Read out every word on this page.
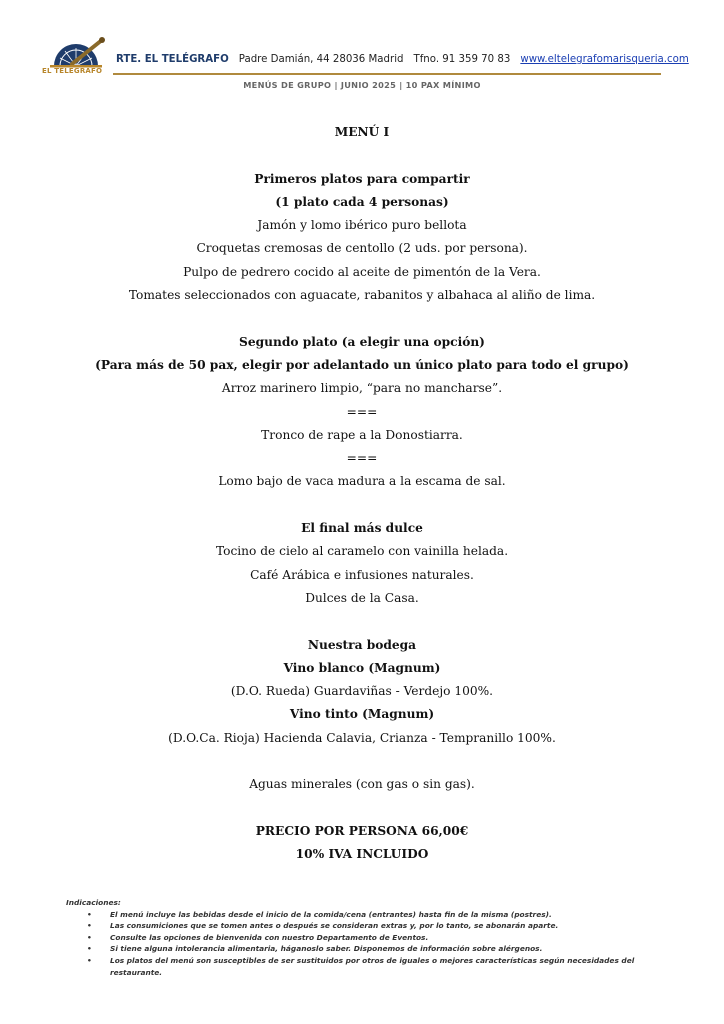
EL TELÉGRAFO
RTE. EL TELÉGRAFO Padre Damián, 44 28036 Madrid Tfno. 91 359 70 83 www.eltelegrafomarisqueria.com
MENÚS DE GRUPO | JUNIO 2025 | 10 PAX MÍNIMO
MENÚ I
Primeros platos para compartir
(1 plato cada 4 personas)
Jamón y lomo ibérico puro bellota
Croquetas cremosas de centollo (2 uds. por persona).
Pulpo de pedrero cocido al aceite de pimentón de la Vera.
Tomates seleccionados con aguacate, rabanitos y albahaca al aliño de lima.
Segundo plato (a elegir una opción)
(Para más de 50 pax, elegir por adelantado un único plato para todo el grupo)
Arroz marinero limpio, “para no mancharse”.
===
Tronco de rape a la Donostiarra.
===
Lomo bajo de vaca madura a la escama de sal.
El final más dulce
Tocino de cielo al caramelo con vainilla helada.
Café Arábica e infusiones naturales.
Dulces de la Casa.
Nuestra bodega
Vino blanco (Magnum)
(D.O. Rueda) Guardaviñas - Verdejo 100%.
Vino tinto (Magnum)
(D.O.Ca. Rioja) Hacienda Calavia, Crianza - Tempranillo 100%.
Aguas minerales (con gas o sin gas).
PRECIO POR PERSONA 66,00€
10% IVA INCLUIDO
Indicaciones:
• El menú incluye las bebidas desde el inicio de la comida/cena (entrantes) hasta fin de la misma (postres).
• Las consumiciones que se tomen antes o después se consideran extras y, por lo tanto, se abonarán aparte.
• Consulte las opciones de bienvenida con nuestro Departamento de Eventos.
• Si tiene alguna intolerancia alimentaria, háganoslo saber. Disponemos de información sobre alérgenos.
• Los platos del menú son susceptibles de ser sustituidos por otros de iguales o mejores características según necesidades del restaurante.
